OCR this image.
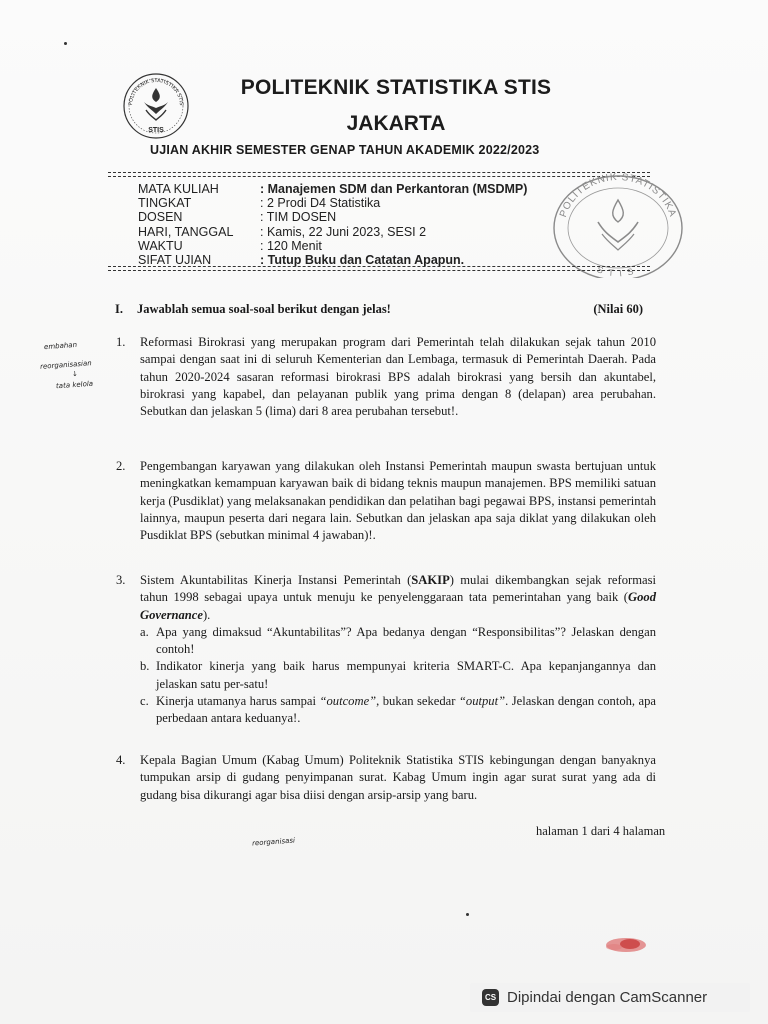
POLITEKNIK STATISTIKA STIS
STIS
POLITEKNIK STATISTIKA STIS
JAKARTA
UJIAN AKHIR SEMESTER GENAP TAHUN AKADEMIK 2022/2023
MATA KULIAH	: Manajemen SDM dan Perkantoran (MSDMP)
TINGKAT	: 2 Prodi D4 Statistika
DOSEN	: TIM DOSEN
HARI, TANGGAL : Kamis, 22 Juni 2023, SESI 2
WAKTU	: 120 Menit
SIFAT UJIAN	: Tutup Buku dan Catatan Apapun.
POLITEKNIK STATISTIKA
STIS
I. Jawablah semua soal-soal berikut dengan jelas!	(Nilai 60)
embahan
reorganisasian
↓
tata kelola
reorganisasi
1. Reformasi Birokrasi yang merupakan program dari Pemerintah telah dilakukan sejak tahun 2010 sampai dengan saat ini di seluruh Kementerian dan Lembaga, termasuk di Pemerintah Daerah. Pada tahun 2020-2024 sasaran reformasi birokrasi BPS adalah birokrasi yang bersih dan akuntabel, birokrasi yang kapabel, dan pelayanan publik yang prima dengan 8 (delapan) area perubahan. Sebutkan dan jelaskan 5 (lima) dari 8 area perubahan tersebut!.
2. Pengembangan karyawan yang dilakukan oleh Instansi Pemerintah maupun swasta bertujuan untuk meningkatkan kemampuan karyawan baik di bidang teknis maupun manajemen. BPS memiliki satuan kerja (Pusdiklat) yang melaksanakan pendidikan dan pelatihan bagi pegawai BPS, instansi pemerintah lainnya, maupun peserta dari negara lain. Sebutkan dan jelaskan apa saja diklat yang dilakukan oleh Pusdiklat BPS (sebutkan minimal 4 jawaban)!.
3. Sistem Akuntabilitas Kinerja Instansi Pemerintah (SAKIP) mulai dikembangkan sejak reformasi tahun 1998 sebagai upaya untuk menuju ke penyelenggaraan tata pemerintahan yang baik (Good Governance).
a. Apa yang dimaksud “Akuntabilitas”? Apa bedanya dengan “Responsibilitas”? Jelaskan dengan contoh!
b. Indikator kinerja yang baik harus mempunyai kriteria SMART-C. Apa kepanjangannya dan jelaskan satu per-satu!
c. Kinerja utamanya harus sampai “outcome”, bukan sekedar “output”. Jelaskan dengan contoh, apa perbedaan antara keduanya!.
4. Kepala Bagian Umum (Kabag Umum) Politeknik Statistika STIS kebingungan dengan banyaknya tumpukan arsip di gudang penyimpanan surat. Kabag Umum ingin agar surat surat yang ada di gudang bisa dikurangi agar bisa diisi dengan arsip-arsip yang baru.
halaman 1 dari 4 halaman
CS Dipindai dengan CamScanner
